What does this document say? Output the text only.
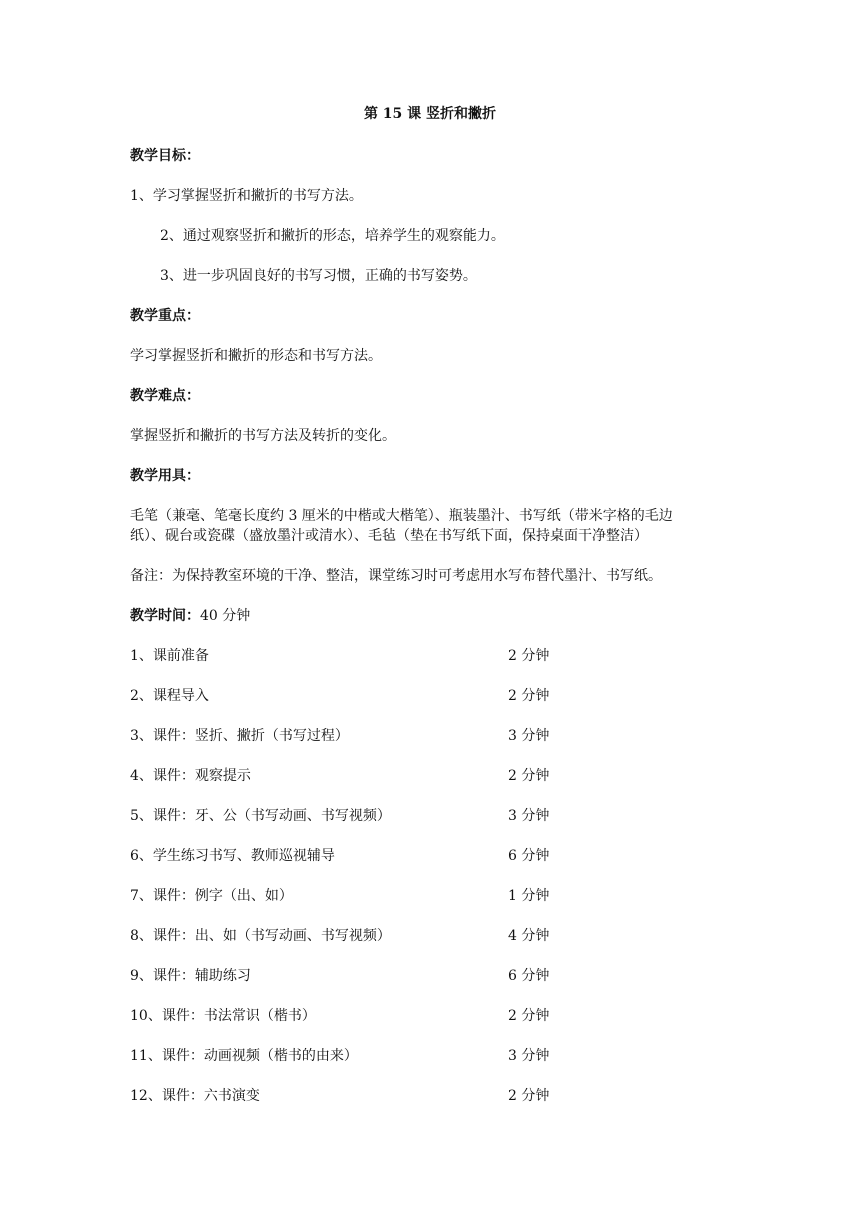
第 15 课 竖折和撇折
教学目标：
1、学习掌握竖折和撇折的书写方法。
2、通过观察竖折和撇折的形态，培养学生的观察能力。
3、进一步巩固良好的书写习惯，正确的书写姿势。
教学重点：
学习掌握竖折和撇折的形态和书写方法。
教学难点：
掌握竖折和撇折的书写方法及转折的变化。
教学用具：
毛笔（兼毫、笔毫长度约 3 厘米的中楷或大楷笔）、瓶装墨汁、书写纸（带米字格的毛边
纸）、砚台或瓷碟（盛放墨汁或清水）、毛毡（垫在书写纸下面，保持桌面干净整洁）
备注：为保持教室环境的干净、整洁，课堂练习时可考虑用水写布替代墨汁、书写纸。
教学时间：40 分钟
1、课前准备	2 分钟
2、课程导入	2 分钟
3、课件：竖折、撇折（书写过程）	3 分钟
4、课件：观察提示	2 分钟
5、课件：牙、公（书写动画、书写视频）	3 分钟
6、学生练习书写、教师巡视辅导	6 分钟
7、课件：例字（出、如）	1 分钟
8、课件：出、如（书写动画、书写视频）	4 分钟
9、课件：辅助练习	6 分钟
10、课件：书法常识（楷书）	2 分钟
11、课件：动画视频（楷书的由来）	3 分钟
12、课件：六书演变	2 分钟
